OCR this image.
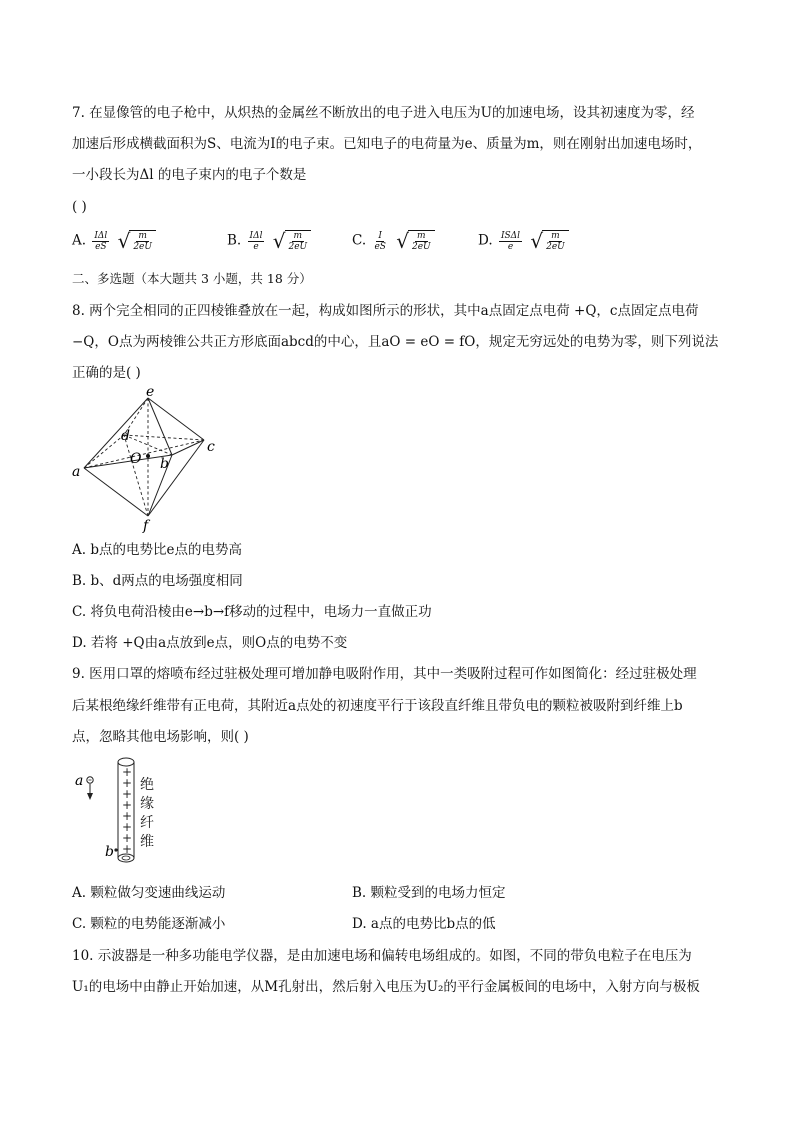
7. 在显像管的电子枪中，从炽热的金属丝不断放出的电子进入电压为U的加速电场，设其初速度为零，经
加速后形成横截面积为S、电流为I的电子束。已知电子的电荷量为e、质量为m，则在刚射出加速电场时，
一小段长为Δl 的电子束内的电子个数是
( )
A. $\frac{\text{IΔl}}{eS}$
√ $\frac{m}{2eU}$	B. $\frac{\text{IΔl}}{e}$
√ $\frac{m}{2eU}$	C. $\frac{I}{eS}$
√ $\frac{m}{2eU}$	D. $\frac{\text{ISΔl}}{e}$
√ $\frac{m}{2eU}$
二、多选题（本大题共 3 小题，共 18 分）
8. 两个完全相同的正四棱锥叠放在一起，构成如图所示的形状，其中a点固定点电荷 +Q，c点固定点电荷
−Q，O点为两棱锥公共正方形底面abcd的中心，且aO = eO = fO，规定无穷远处的电势为零，则下列说法
正确的是( )
e
d
c
O b
a
f
A. b点的电势比e点的电势高
B. b、d两点的电场强度相同
C. 将负电荷沿棱由e→b→f移动的过程中，电场力一直做正功
D. 若将 +Q由a点放到e点，则O点的电势不变
9. 医用口罩的熔喷布经过驻极处理可增加静电吸附作用，其中一类吸附过程可作如图简化：经过驻极处理
后某根绝缘纤维带有正电荷，其附近a点处的初速度平行于该段直纤维且带负电的颗粒被吸附到纤维上b
点，忽略其他电场影响，则( )
+
+
+
+
+
+
+
+
a
b
绝
缘
纤
维
A. 颗粒做匀变速曲线运动	B. 颗粒受到的电场力恒定
C. 颗粒的电势能逐渐减小	D. a点的电势比b点的低
10. 示波器是一种多功能电学仪器，是由加速电场和偏转电场组成的。如图，不同的带负电粒子在电压为
U₁的电场中由静止开始加速，从M孔射出，然后射入电压为U₂的平行金属板间的电场中，入射方向与极板
